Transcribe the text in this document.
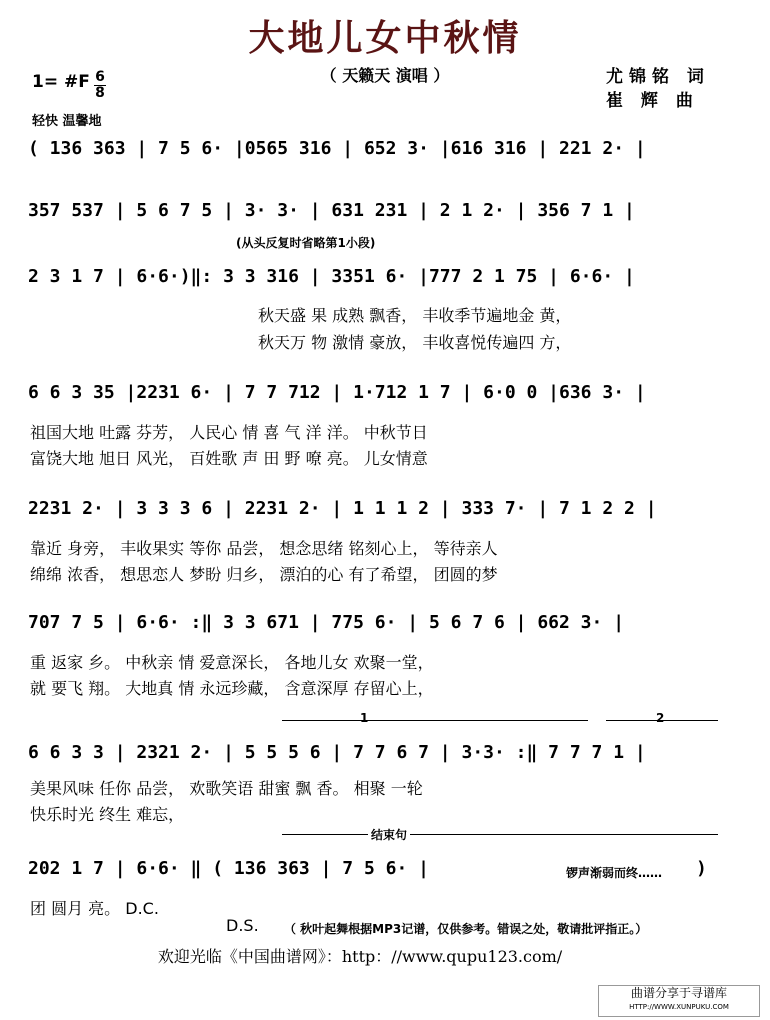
大地儿女中秋情
（ 天籁天 演唱 ）	尤锦铭 词
崔 辉 曲
1= #F 6
8
轻快 温馨地
( 136 363 | 7 5 6· |0565 316 | 652 3· |616 316 | 221 2· |
357 537 | 5 6 7 5 | 3· 3· | 631 231 | 2 1 2· | 356 7 1 |
(从头反复时省略第1小段)
2 3 1 7 | 6·6·)‖: 3 3 316 | 3351 6· |777 2 1 75 | 6·6· |
秋天盛 果 成熟 飘香， 丰收季节遍地金 黄，
秋天万 物 激情 豪放， 丰收喜悦传遍四 方，
6 6 3 35 |2231 6· | 7 7 712 | 1·712 1 7 | 6·0 0 |636 3· |
祖国大地 吐露 芬芳， 人民心 情 喜 气 洋 洋。 中秋节日
富饶大地 旭日 风光， 百姓歌 声 田 野 嘹 亮。 儿女情意
2231 2· | 3 3 3 6 | 2231 2· | 1 1 1 2 | 333 7· | 7 1 2 2 |
靠近 身旁， 丰收果实 等你 品尝， 想念思绪 铭刻心上， 等待亲人
绵绵 浓香， 想思恋人 梦盼 归乡， 漂泊的心 有了希望， 团圆的梦
707 7 5 | 6·6· :‖ 3 3 671 | 775 6· | 5 6 7 6 | 662 3· |
重 返家 乡。 中秋亲 情 爱意深长， 各地儿女 欢聚一堂，
就 要飞 翔。 大地真 情 永远珍藏， 含意深厚 存留心上，
1	2
6 6 3 3 | 2321 2· | 5 5 5 6 | 7 7 6 7 | 3·3· :‖ 7 7 7 1 |
美果风味 任你 品尝， 欢歌笑语 甜蜜 飘 香。 相聚 一轮
快乐时光 终生 难忘，
结束句
202 1 7 | 6·6· ‖ ( 136 363 | 7 5 6· |	锣声渐弱而终…… )
团 圆月 亮。 D.C.
D.S. （ 秋叶起舞根据MP3记谱，仅供参考。错误之处，敬请批评指正。）
欢迎光临《中国曲谱网》：http：//www.qupu123.com/
曲谱分享于寻谱库
HTTP://WWW.XUNPUKU.COM
